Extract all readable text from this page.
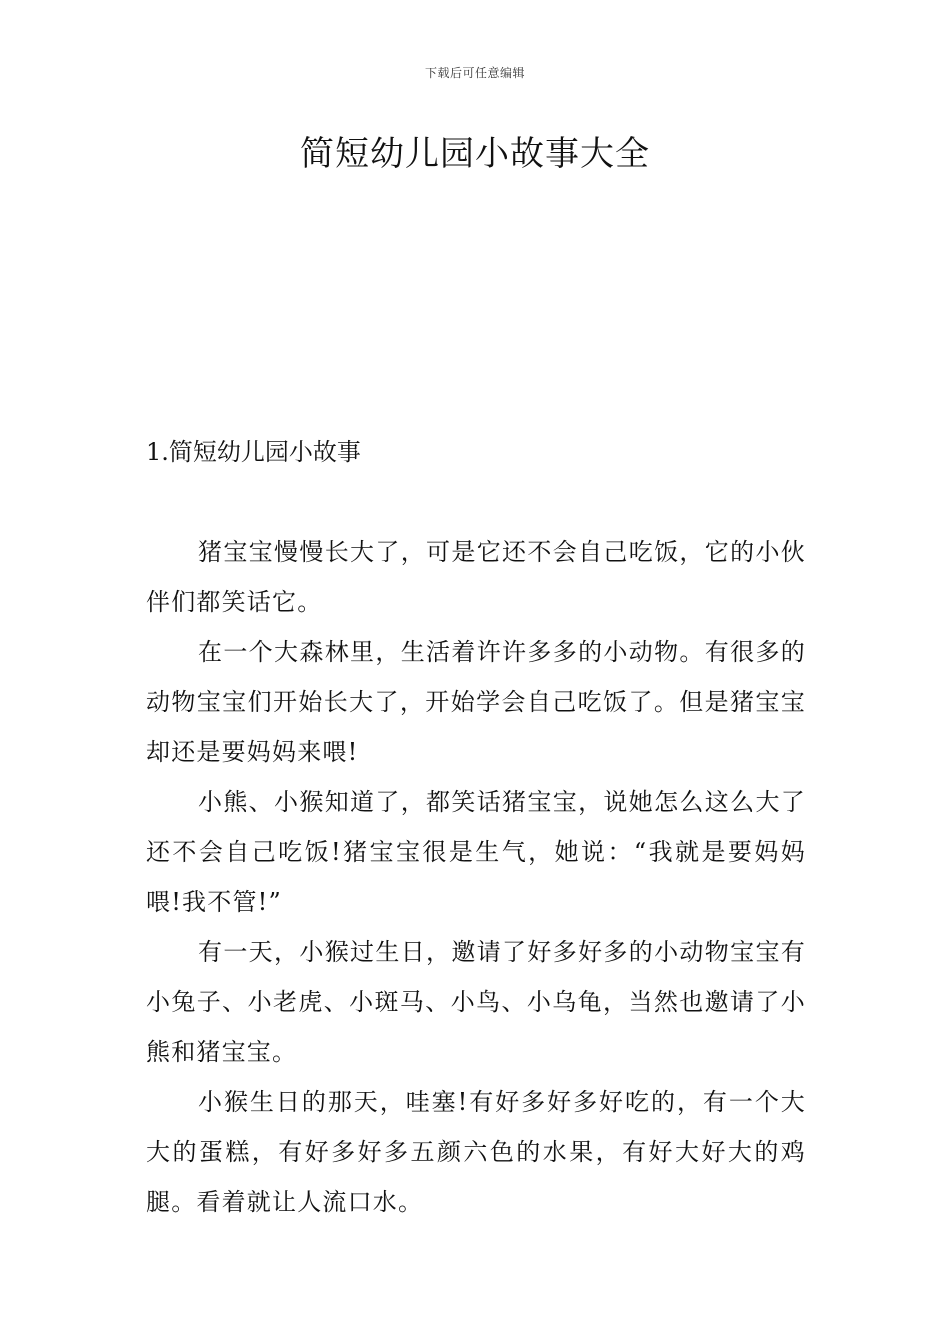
下载后可任意编辑
简短幼儿园小故事大全
1.简短幼儿园小故事

猪宝宝慢慢长大了，可是它还不会自己吃饭，它的小伙伴们都笑话它。

在一个大森林里，生活着许许多多的小动物。有很多的动物宝宝们开始长大了，开始学会自己吃饭了。但是猪宝宝却还是要妈妈来喂!

小熊、小猴知道了，都笑话猪宝宝，说她怎么这么大了还不会自己吃饭!猪宝宝很是生气，她说：“我就是要妈妈喂!我不管!”

有一天，小猴过生日，邀请了好多好多的小动物宝宝有小兔子、小老虎、小斑马、小鸟、小乌龟，当然也邀请了小熊和猪宝宝。

小猴生日的那天，哇塞!有好多好多好吃的，有一个大大的蛋糕，有好多好多五颜六色的水果，有好大好大的鸡腿。看着就让人流口水。
